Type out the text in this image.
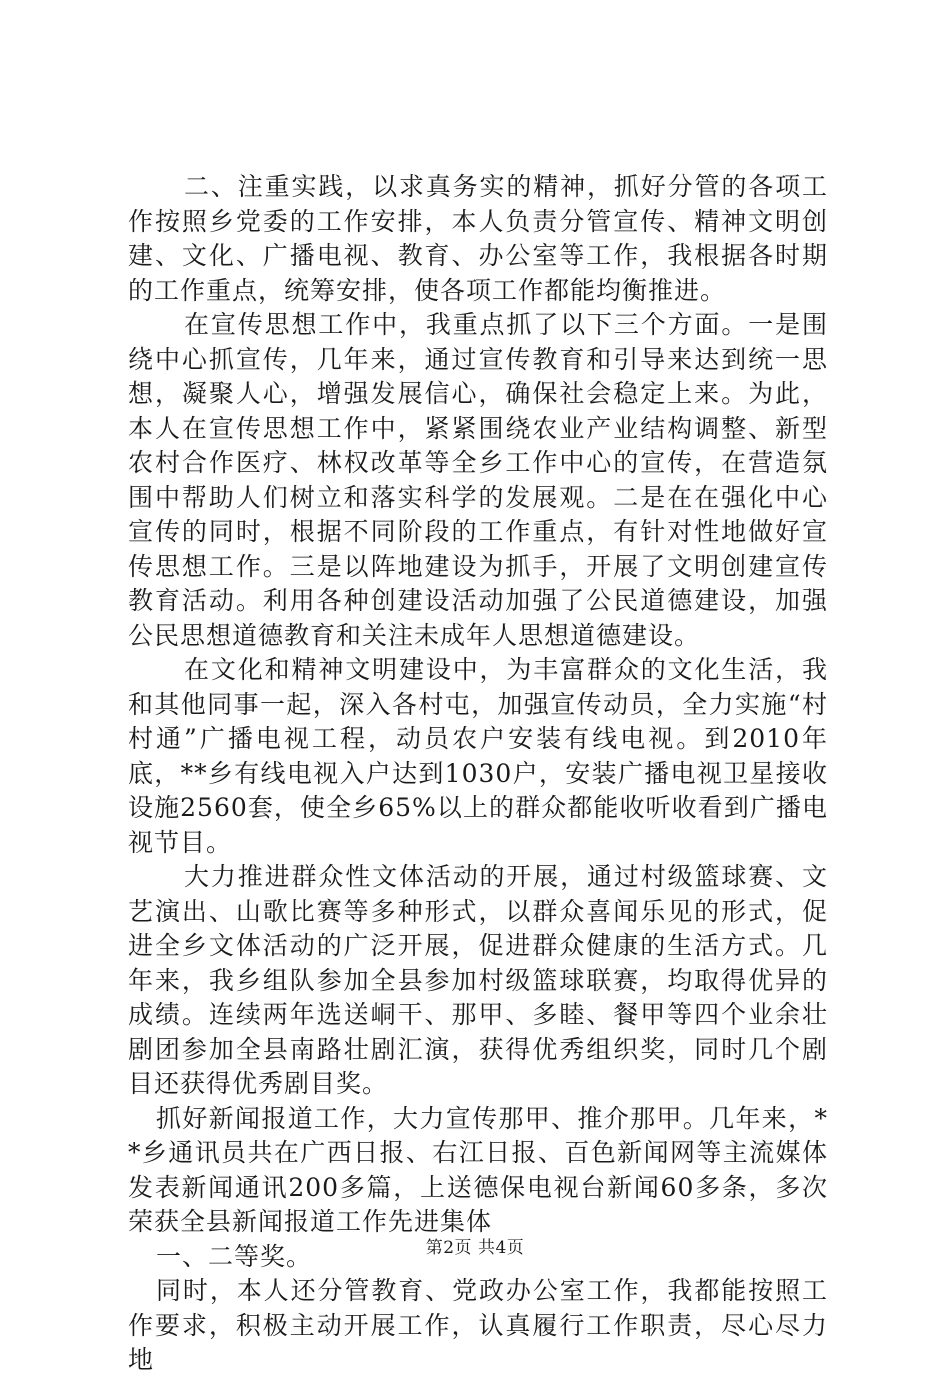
二、注重实践，以求真务实的精神，抓好分管的各项工作按照乡党委的工作安排，本人负责分管宣传、精神文明创建、文化、广播电视、教育、办公室等工作，我根据各时期的工作重点，统筹安排，使各项工作都能均衡推进。

在宣传思想工作中，我重点抓了以下三个方面。一是围绕中心抓宣传，几年来，通过宣传教育和引导来达到统一思想，凝聚人心，增强发展信心，确保社会稳定上来。为此，本人在宣传思想工作中，紧紧围绕农业产业结构调整、新型农村合作医疗、林权改革等全乡工作中心的宣传，在营造氛围中帮助人们树立和落实科学的发展观。二是在在强化中心宣传的同时，根据不同阶段的工作重点，有针对性地做好宣传思想工作。三是以阵地建设为抓手，开展了文明创建宣传教育活动。利用各种创建设活动加强了公民道德建设，加强公民思想道德教育和关注未成年人思想道德建设。

在文化和精神文明建设中，为丰富群众的文化生活，我和其他同事一起，深入各村屯，加强宣传动员，全力实施“村村通”广播电视工程，动员农户安装有线电视。到2010年底，**乡有线电视入户达到1030户，安装广播电视卫星接收设施2560套，使全乡65%以上的群众都能收听收看到广播电视节目。

大力推进群众性文体活动的开展，通过村级篮球赛、文艺演出、山歌比赛等多种形式，以群众喜闻乐见的形式，促进全乡文体活动的广泛开展，促进群众健康的生活方式。几年来，我乡组队参加全县参加村级篮球联赛，均取得优异的成绩。连续两年选送峒干、那甲、多睦、餐甲等四个业余壮剧团参加全县南路壮剧汇演，获得优秀组织奖，同时几个剧目还获得优秀剧目奖。

抓好新闻报道工作，大力宣传那甲、推介那甲。几年来，**乡通讯员共在广西日报、右江日报、百色新闻网等主流媒体发表新闻通讯200多篇，上送德保电视台新闻60多条，多次荣获全县新闻报道工作先进集体

一、二等奖。

同时，本人还分管教育、党政办公室工作，我都能按照工作要求，积极主动开展工作，认真履行工作职责，尽心尽力地

第2页 共4页
